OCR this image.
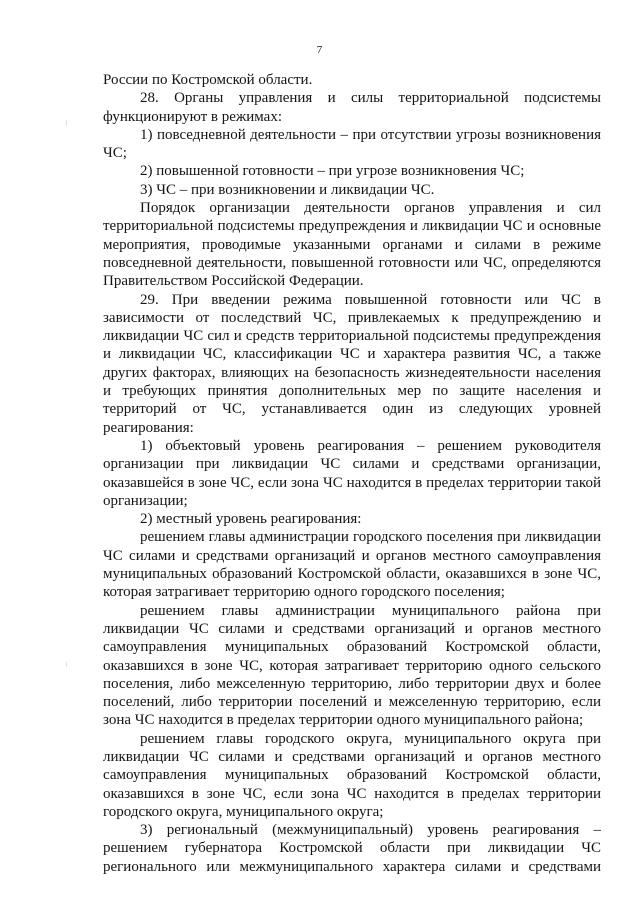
7

России по Костромской области.

28. Органы управления и силы территориальной подсистемы функционируют в режимах:

1) повседневной деятельности – при отсутствии угрозы возникновения ЧС;

2) повышенной готовности – при угрозе возникновения ЧС;

3) ЧС – при возникновении и ликвидации ЧС.

Порядок организации деятельности органов управления и сил территориальной подсистемы предупреждения и ликвидации ЧС и основные мероприятия, проводимые указанными органами и силами в режиме повседневной деятельности, повышенной готовности или ЧС, определяются Правительством Российской Федерации.

29. При введении режима повышенной готовности или ЧС в зависимости от последствий ЧС, привлекаемых к предупреждению и ликвидации ЧС сил и средств территориальной подсистемы предупреждения и ликвидации ЧС, классификации ЧС и характера развития ЧС, а также других факторах, влияющих на безопасность жизнедеятельности населения и требующих принятия дополнительных мер по защите населения и территорий от ЧС, устанавливается один из следующих уровней реагирования:

1) объектовый уровень реагирования – решением руководителя организации при ликвидации ЧС силами и средствами организации, оказавшейся в зоне ЧС, если зона ЧС находится в пределах территории такой организации;

2) местный уровень реагирования:

решением главы администрации городского поселения при ликвидации ЧС силами и средствами организаций и органов местного самоуправления муниципальных образований Костромской области, оказавшихся в зоне ЧС, которая затрагивает территорию одного городского поселения;

решением главы администрации муниципального района при ликвидации ЧС силами и средствами организаций и органов местного самоуправления муниципальных образований Костромской области, оказавшихся в зоне ЧС, которая затрагивает территорию одного сельского поселения, либо межселенную территорию, либо территории двух и более поселений, либо территории поселений и межселенную территорию, если зона ЧС находится в пределах территории одного муниципального района;

решением главы городского округа, муниципального округа при ликвидации ЧС силами и средствами организаций и органов местного самоуправления муниципальных образований Костромской области, оказавшихся в зоне ЧС, если зона ЧС находится в пределах территории городского округа, муниципального округа;

3) региональный (межмуниципальный) уровень реагирования – решением губернатора Костромской области при ликвидации ЧС регионального или межмуниципального характера силами и средствами
